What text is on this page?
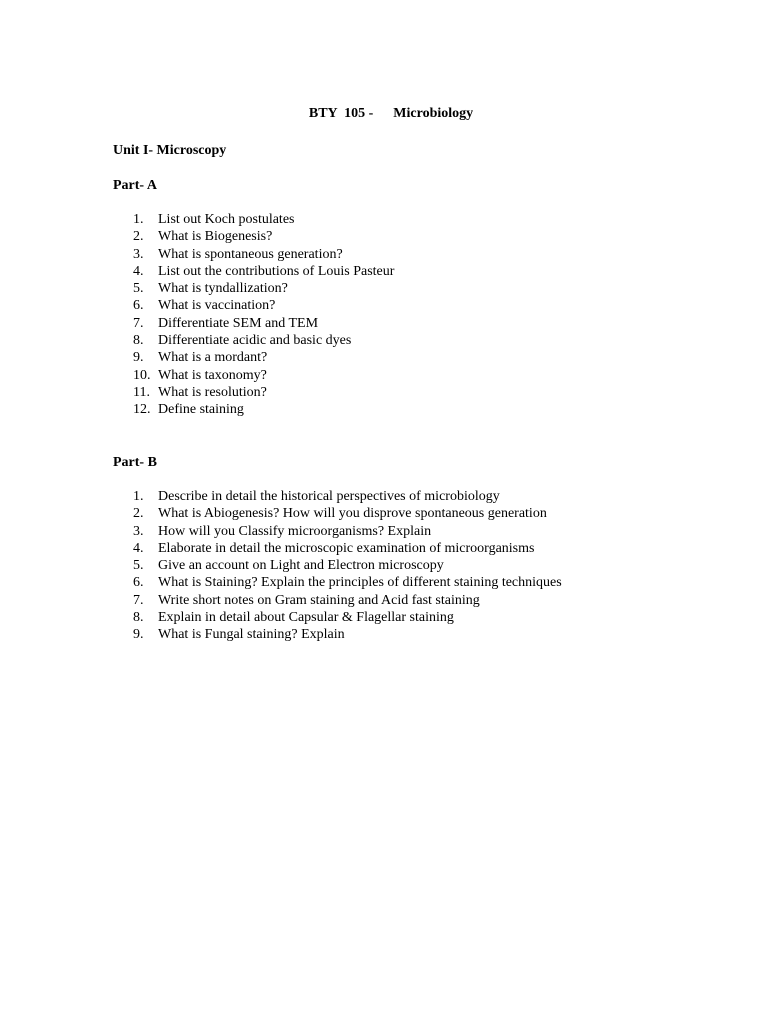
BTY  105 - Microbiology

Unit I- Microscopy
Part- A
1.	List out Koch postulates
2.	What is Biogenesis?
3.	What is spontaneous generation?
4.	List out the contributions of Louis Pasteur
5.	What is tyndallization?
6.	What is vaccination?
7.	Differentiate SEM and TEM
8.	Differentiate acidic and basic dyes
9.	What is a mordant?
10. What is taxonomy?
11. What is resolution?
12. Define staining
Part- B
1.	Describe in detail the historical perspectives of microbiology
2.	What is Abiogenesis? How will you disprove spontaneous generation
3.	How will you Classify microorganisms? Explain
4.	Elaborate in detail the microscopic examination of microorganisms
5.	Give an account on Light and Electron microscopy
6.	What is Staining? Explain the principles of different staining techniques
7.	Write short notes on Gram staining and Acid fast staining
8.	Explain in detail about Capsular & Flagellar staining
9.	What is Fungal staining? Explain
